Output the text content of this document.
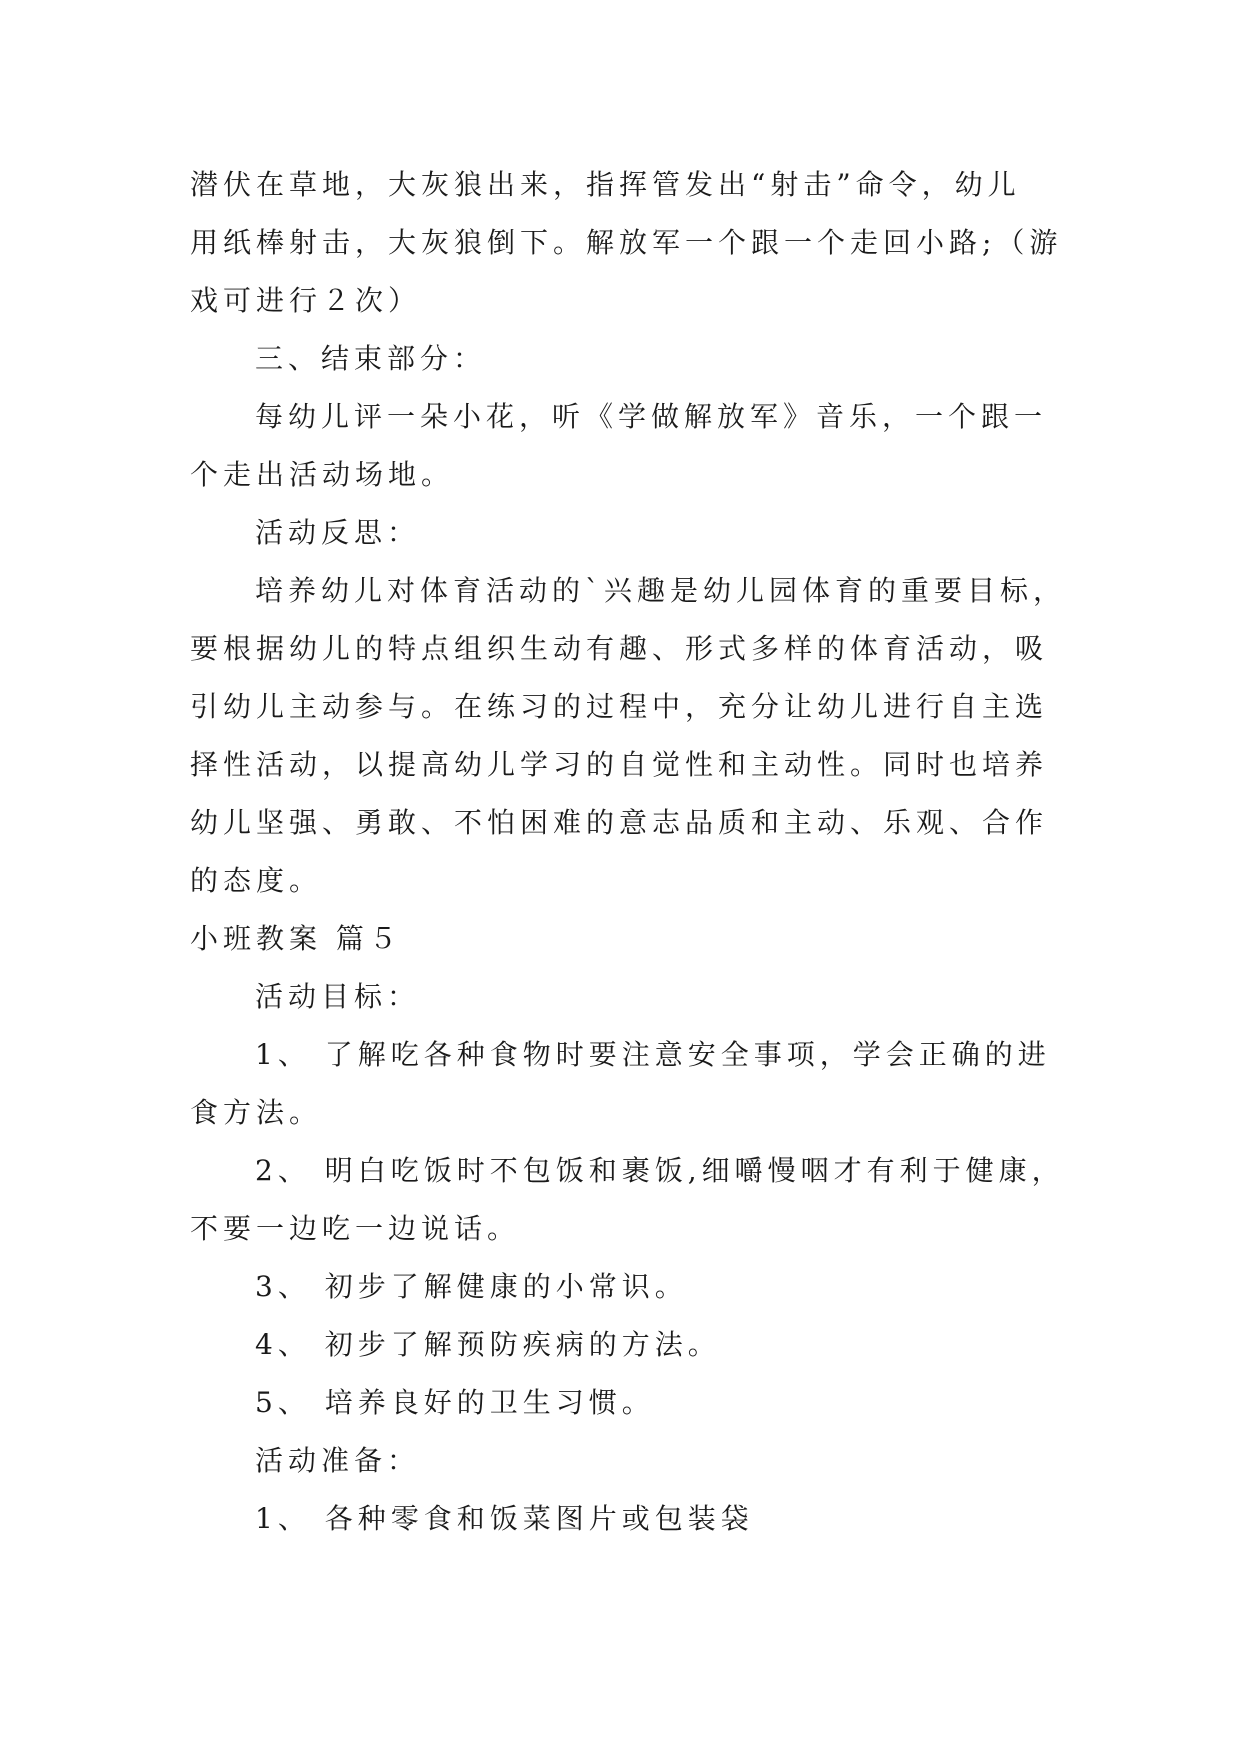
潜伏在草地，大灰狼出来，指挥管发出“射击”命令，幼儿
用纸棒射击，大灰狼倒下。解放军一个跟一个走回小路;（游
戏可进行２次）
三、结束部分：
每幼儿评一朵小花，听《学做解放军》音乐，一个跟一
个走出活动场地。
活动反思：
培养幼儿对体育活动的`兴趣是幼儿园体育的重要目标，
要根据幼儿的特点组织生动有趣、形式多样的体育活动，吸
引幼儿主动参与。在练习的过程中，充分让幼儿进行自主选
择性活动，以提高幼儿学习的自觉性和主动性。同时也培养
幼儿坚强、勇敢、不怕困难的意志品质和主动、乐观、合作
的态度。
小班教案 篇５
活动目标：
1、 了解吃各种食物时要注意安全事项，学会正确的进
食方法。
2、 明白吃饭时不包饭和裹饭,细嚼慢咽才有利于健康，
不要一边吃一边说话。
3、 初步了解健康的小常识。
4、 初步了解预防疾病的方法。
5、 培养良好的卫生习惯。
活动准备：
1、 各种零食和饭菜图片或包装袋
